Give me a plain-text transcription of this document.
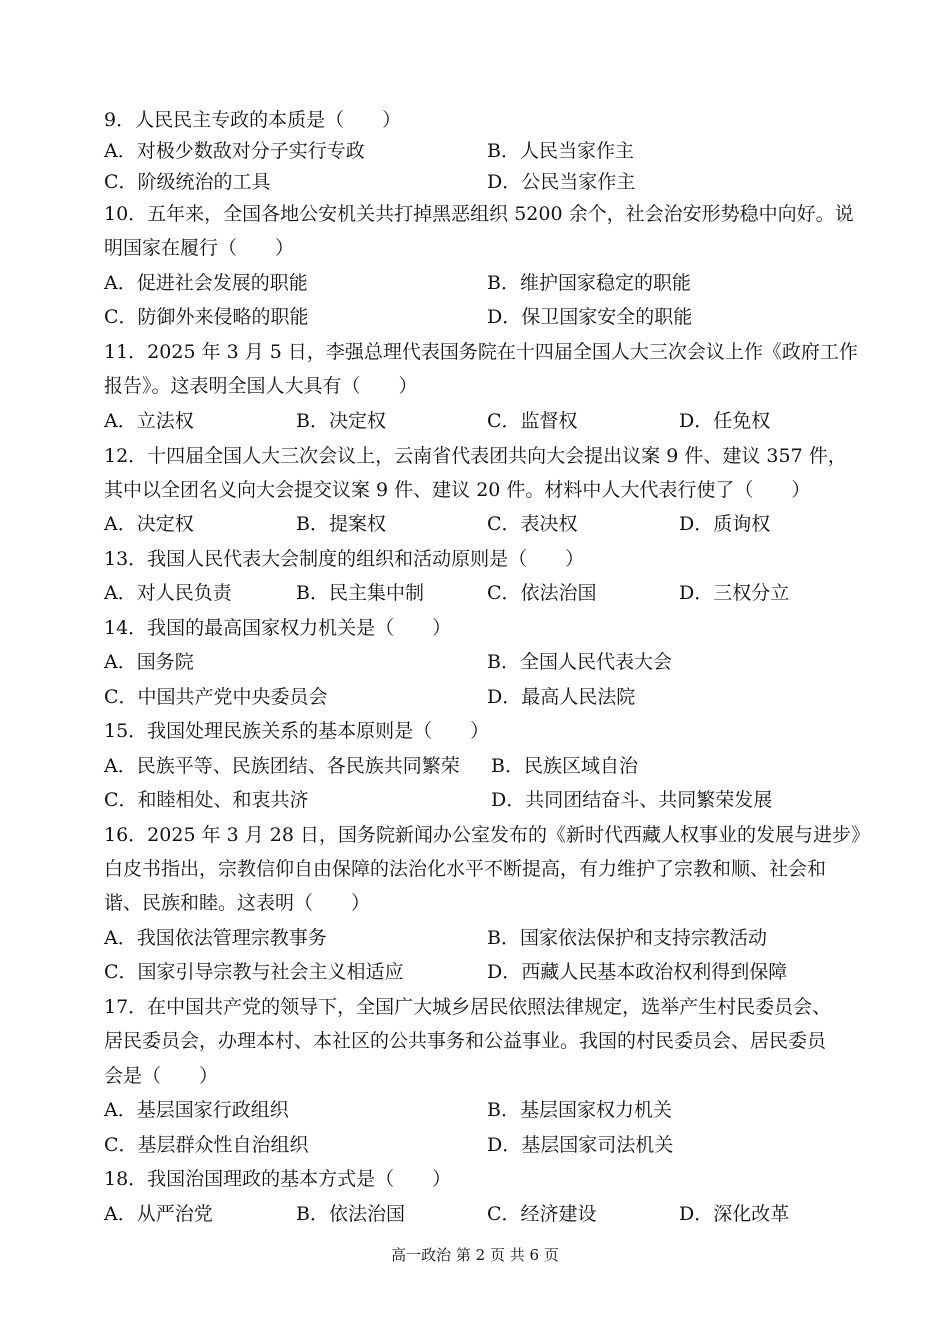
9．人民民主专政的本质是（　　）
A．对极少数敌对分子实行专政	B．人民当家作主
C．阶级统治的工具	D．公民当家作主
10．五年来，全国各地公安机关共打掉黑恶组织 5200 余个，社会治安形势稳中向好。说
明国家在履行（　　）
A．促进社会发展的职能	B．维护国家稳定的职能
C．防御外来侵略的职能	D．保卫国家安全的职能
11．2025 年 3 月 5 日，李强总理代表国务院在十四届全国人大三次会议上作《政府工作
报告》。这表明全国人大具有（　　）
A．立法权	B．决定权	C．监督权	D．任免权
12．十四届全国人大三次会议上，云南省代表团共向大会提出议案 9 件、建议 357 件，
其中以全团名义向大会提交议案 9 件、建议 20 件。材料中人大代表行使了（　　）
A．决定权	B．提案权	C．表决权	D．质询权
13．我国人民代表大会制度的组织和活动原则是（　　）
A．对人民负责	B．民主集中制	C．依法治国	D．三权分立
14．我国的最高国家权力机关是（　　）
A．国务院	B．全国人民代表大会
C．中国共产党中央委员会	D．最高人民法院
15．我国处理民族关系的基本原则是（　　）
A．民族平等、民族团结、各民族共同繁荣 B．民族区域自治
C．和睦相处、和衷共济	D．共同团结奋斗、共同繁荣发展
16．2025 年 3 月 28 日，国务院新闻办公室发布的《新时代西藏人权事业的发展与进步》
白皮书指出，宗教信仰自由保障的法治化水平不断提高，有力维护了宗教和顺、社会和
谐、民族和睦。这表明（　　）
A．我国依法管理宗教事务	B．国家依法保护和支持宗教活动
C．国家引导宗教与社会主义相适应	D．西藏人民基本政治权利得到保障
17．在中国共产党的领导下，全国广大城乡居民依照法律规定，选举产生村民委员会、
居民委员会，办理本村、本社区的公共事务和公益事业。我国的村民委员会、居民委员
会是（　　）
A．基层国家行政组织	B．基层国家权力机关
C．基层群众性自治组织	D．基层国家司法机关
18．我国治国理政的基本方式是（　　）
A．从严治党	B．依法治国	C．经济建设	D．深化改革
高一政治 第 2 页 共 6 页
